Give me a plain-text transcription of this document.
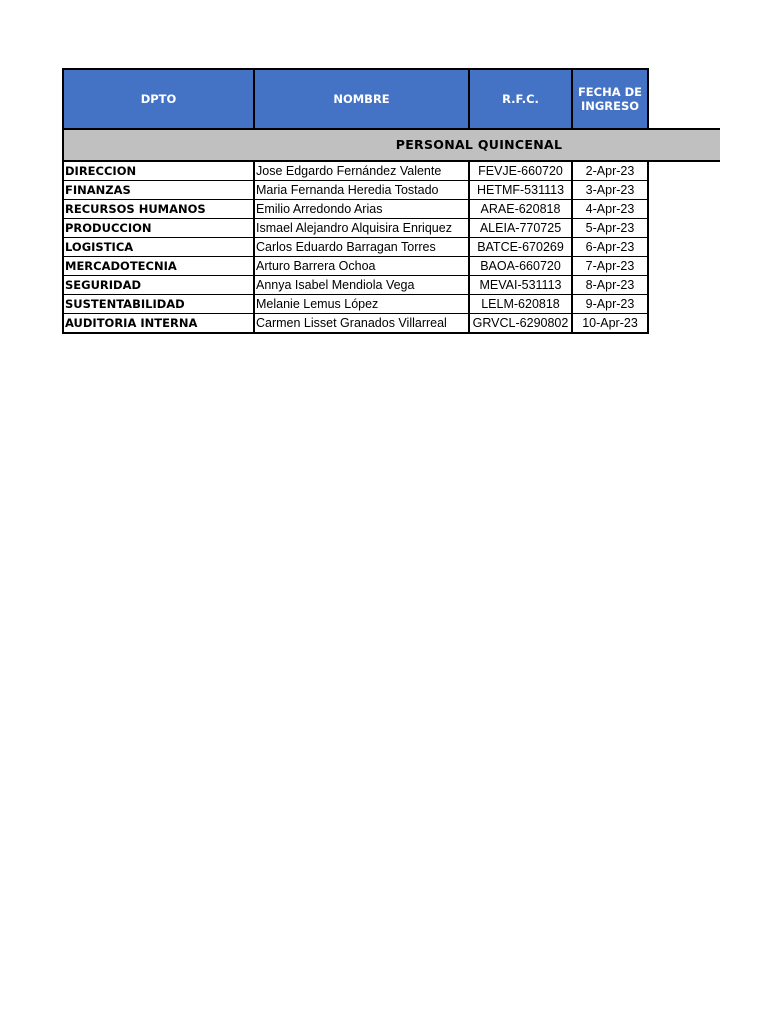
PERSONAL QUINCENAL
DPTO	NOMBRE	R.F.C.	FECHA DE
INGRESO

DIRECCION	Jose Edgardo Fernández Valente	FEVJE-660720	2-Apr-23
FINANZAS	Maria Fernanda Heredia Tostado	HETMF-531113	3-Apr-23
RECURSOS HUMANOS	Emilio Arredondo Arias	ARAE-620818	4-Apr-23
PRODUCCION	Ismael Alejandro Alquisira Enriquez	ALEIA-770725	5-Apr-23
LOGISTICA	Carlos Eduardo Barragan Torres	BATCE-670269	6-Apr-23
MERCADOTECNIA	Arturo Barrera Ochoa	BAOA-660720	7-Apr-23
SEGURIDAD	Annya Isabel Mendiola Vega	MEVAI-531113	8-Apr-23
SUSTENTABILIDAD	Melanie Lemus López	LELM-620818	9-Apr-23
AUDITORIA INTERNA	Carmen Lisset Granados Villarreal	GRVCL-6290802	10-Apr-23
